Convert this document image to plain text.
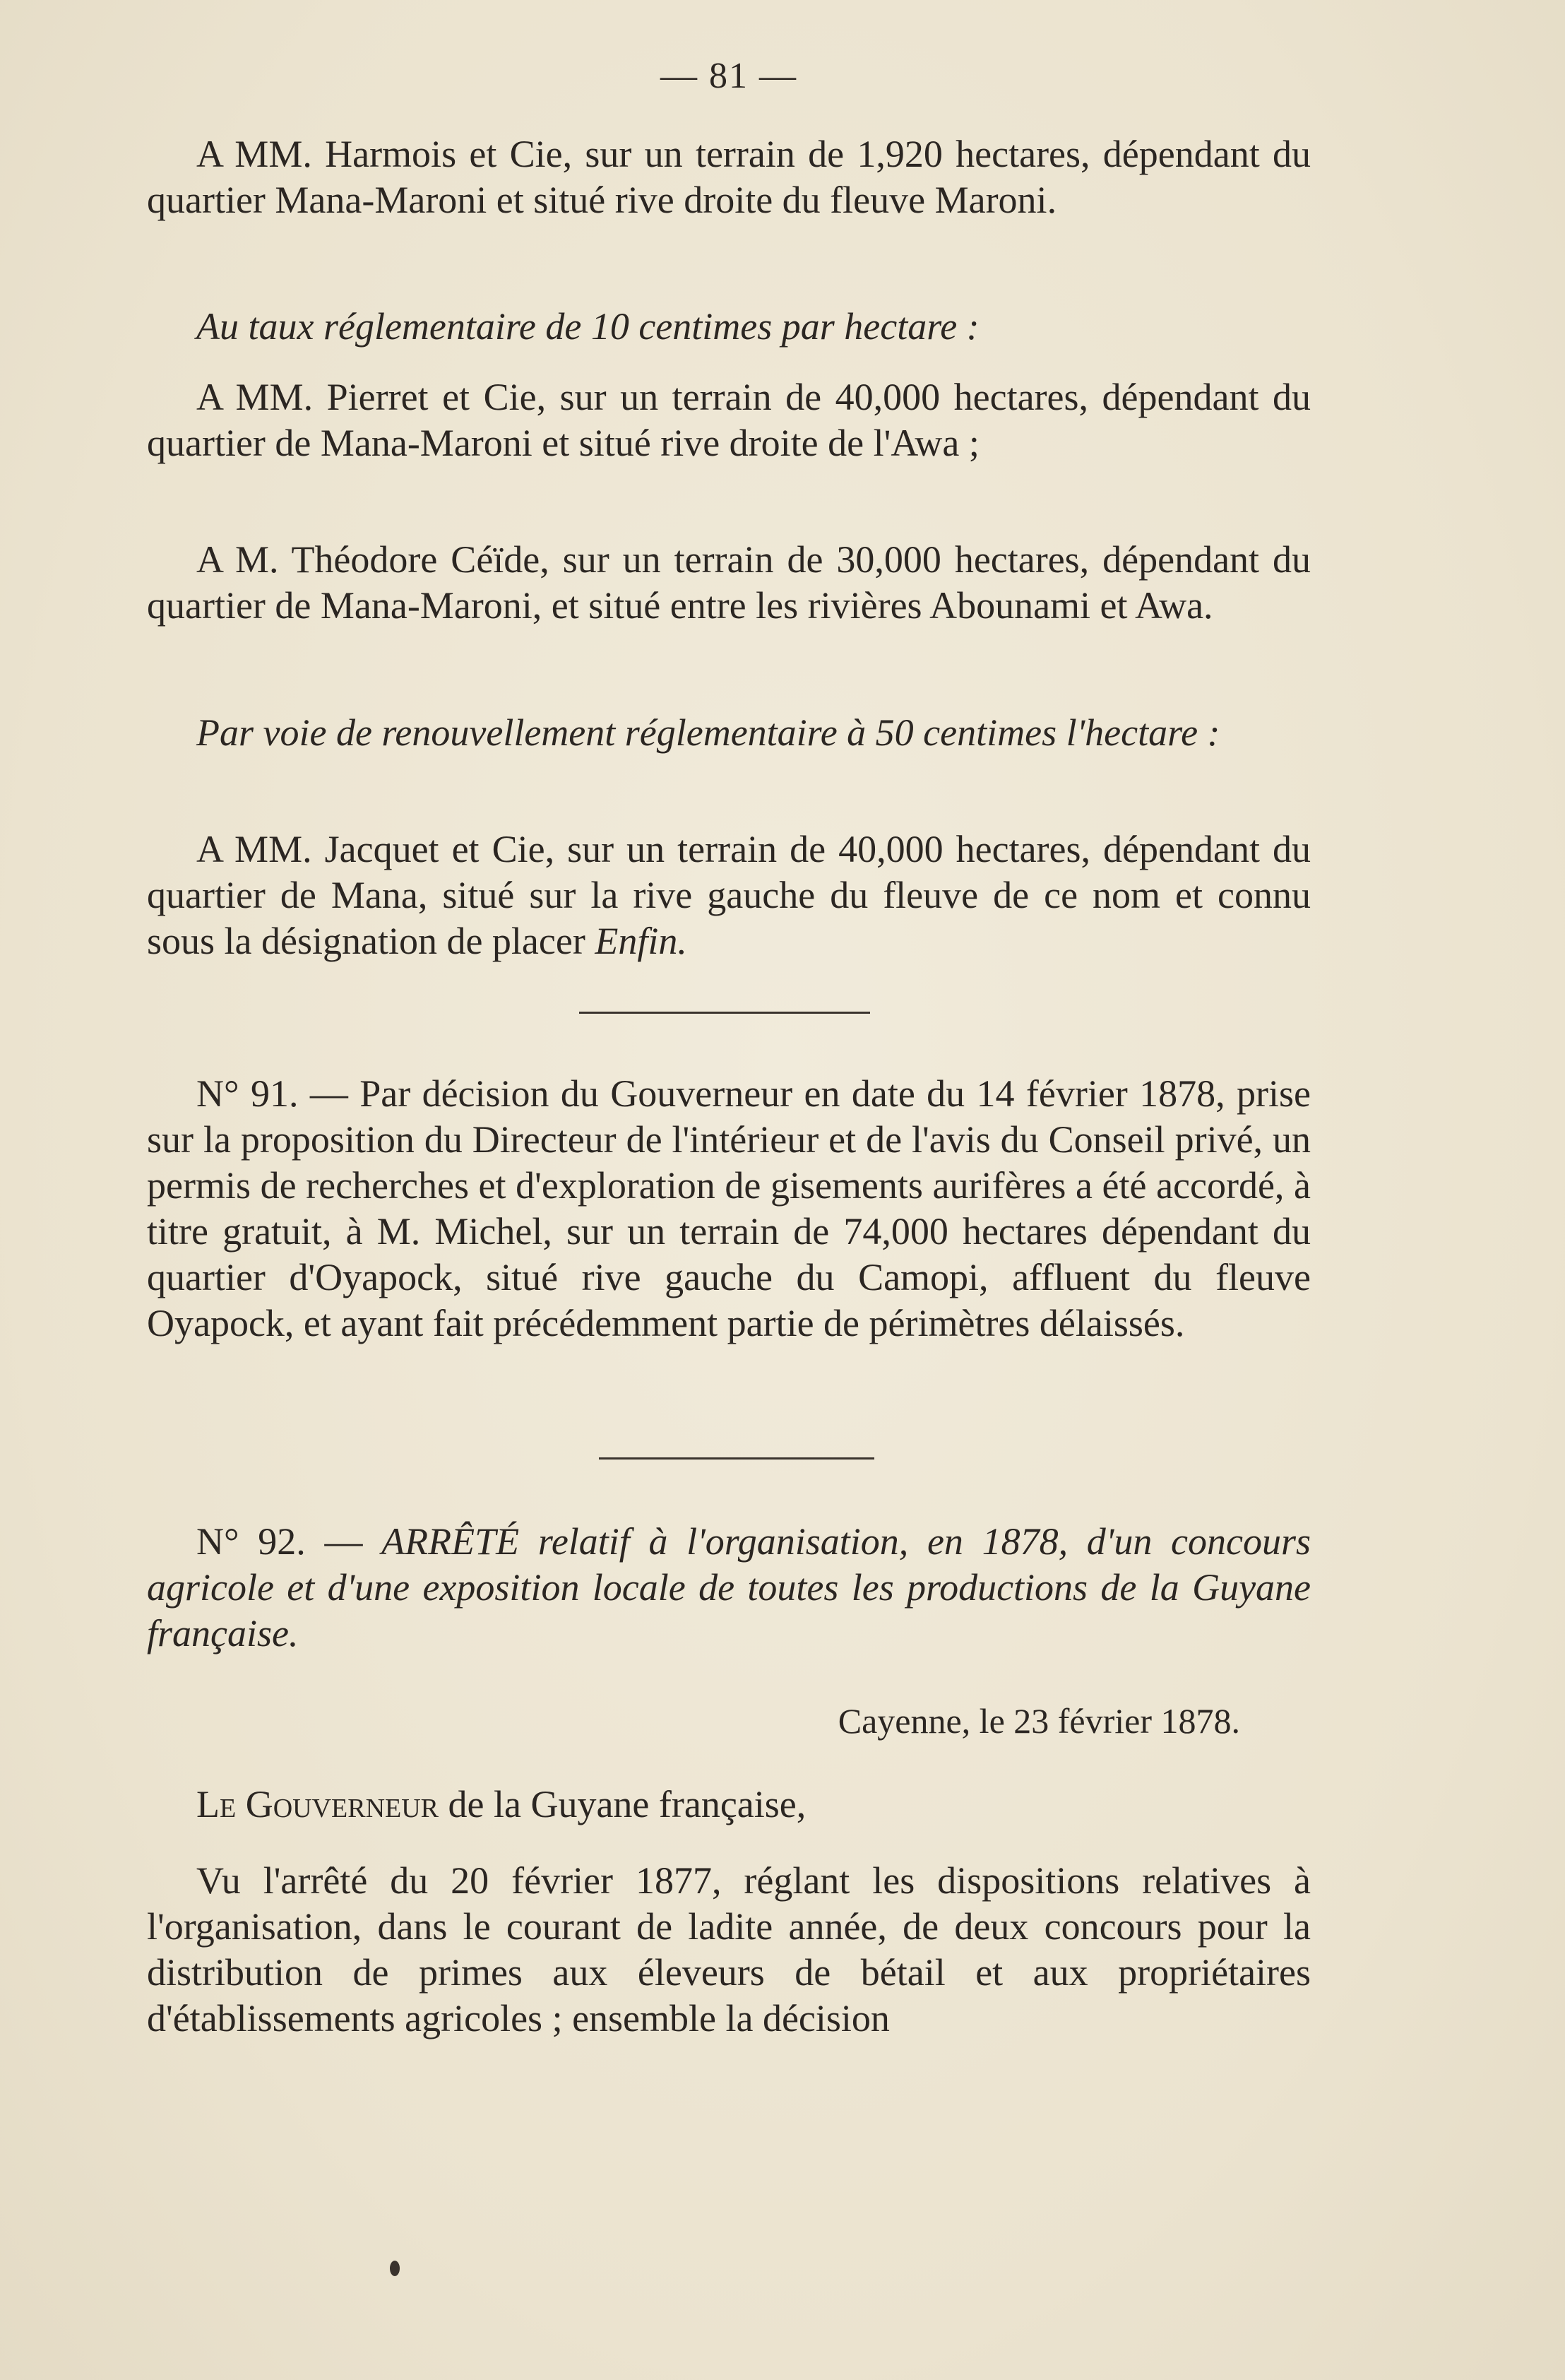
— 81 —

A MM. Harmois et Cie, sur un terrain de 1,920 hectares, dépendant du quartier Mana-Maroni et situé rive droite du fleuve Maroni.

Au taux réglementaire de 10 centimes par hectare :

A MM. Pierret et Cie, sur un terrain de 40,000 hectares, dépendant du quartier de Mana-Maroni et situé rive droite de l'Awa ;

A M. Théodore Céïde, sur un terrain de 30,000 hectares, dépendant du quartier de Mana-Maroni, et situé entre les rivières Abounami et Awa.

Par voie de renouvellement réglementaire à 50 centimes l'hectare :

A MM. Jacquet et Cie, sur un terrain de 40,000 hectares, dépendant du quartier de Mana, situé sur la rive gauche du fleuve de ce nom et connu sous la désignation de placer Enfin.

N° 91. — Par décision du Gouverneur en date du 14 février 1878, prise sur la proposition du Directeur de l'intérieur et de l'avis du Conseil privé, un permis de recherches et d'exploration de gisements aurifères a été accordé, à titre gratuit, à M. Michel, sur un terrain de 74,000 hectares dépendant du quartier d'Oyapock, situé rive gauche du Camopi, affluent du fleuve Oyapock, et ayant fait précédemment partie de périmètres délaissés.

N° 92. — ARRÊTÉ relatif à l'organisation, en 1878, d'un concours agricole et d'une exposition locale de toutes les productions de la Guyane française.

Cayenne, le 23 février 1878.

Le Gouverneur de la Guyane française,

Vu l'arrêté du 20 février 1877, réglant les dispositions relatives à l'organisation, dans le courant de ladite année, de deux concours pour la distribution de primes aux éleveurs de bétail et aux propriétaires d'établissements agricoles ; ensemble la décision
